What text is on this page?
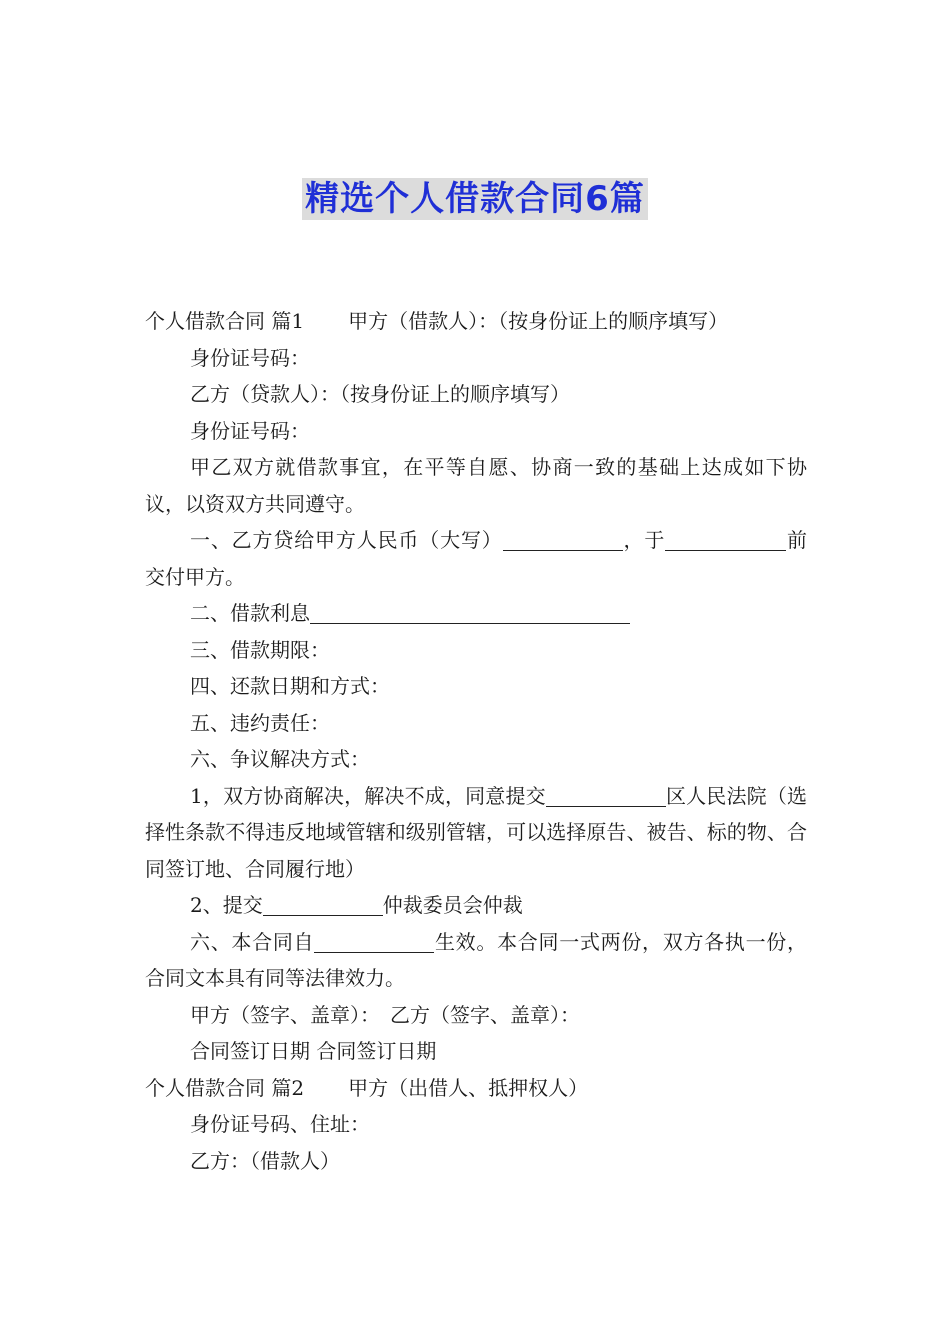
精选个人借款合同6篇

个人借款合同 篇1 甲方（借款人）：（按身份证上的顺序填写）

身份证号码：

乙方（贷款人）：（按身份证上的顺序填写）

身份证号码：

甲乙双方就借款事宜，在平等自愿、协商一致的基础上达成如下协议，以资双方共同遵守。

一、乙方贷给甲方人民币（大写）	，于	前交付甲方。

二、借款利息

三、借款期限：

四、还款日期和方式：

五、违约责任：

六、争议解决方式：

1，双方协商解决，解决不成，同意提交	区人民法院（选择性条款不得违反地域管辖和级别管辖，可以选择原告、被告、标的物、合同签订地、合同履行地）

2、提交	仲裁委员会仲裁

六、本合同自	生效。本合同一式两份，双方各执一份，合同文本具有同等法律效力。

甲方（签字、盖章）：　乙方（签字、盖章）：

合同签订日期 合同签订日期

个人借款合同 篇2 甲方（出借人、抵押权人）

身份证号码、住址：

乙方：（借款人）
